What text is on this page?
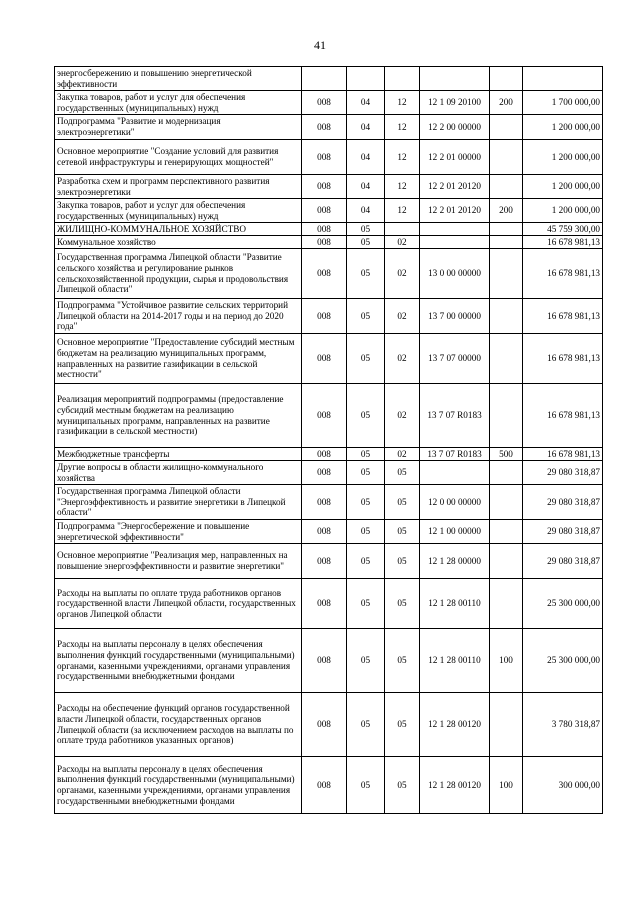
41
энергосбережению и повышению энергетической эффективности						
Закупка товаров, работ и услуг для обеспечения государственных (муниципальных) нужд	008	04	12	12 1 09 20100	200	1 700 000,00
Подпрограмма "Развитие и модернизация электроэнергетики"	008	04	12	12 2 00 00000		1 200 000,00
Основное мероприятие "Создание условий для развития сетевой инфраструктуры и генерирующих мощностей"	008	04	12	12 2 01 00000		1 200 000,00
Разработка схем и программ перспективного развития электроэнергетики	008	04	12	12 2 01 20120		1 200 000,00
Закупка товаров, работ и услуг для обеспечения государственных (муниципальных) нужд	008	04	12	12 2 01 20120	200	1 200 000,00
ЖИЛИЩНО-КОММУНАЛЬНОЕ ХОЗЯЙСТВО	008	05				45 759 300,00
Коммунальное хозяйство	008	05	02			16 678 981,13
Государственная программа Липецкой области "Развитие сельского хозяйства и регулирование рынков сельскохозяйственной продукции, сырья и продовольствия Липецкой области"	008	05	02	13 0 00 00000		16 678 981,13
Подпрограмма "Устойчивое развитие сельских территорий Липецкой области на 2014-2017 годы и на период до 2020 года"	008	05	02	13 7 00 00000		16 678 981,13
Основное мероприятие "Предоставление субсидий местным бюджетам на реализацию муниципальных программ, направленных на развитие газификации в сельской местности"	008	05	02	13 7 07 00000		16 678 981,13
Реализация мероприятий подпрограммы (предоставление субсидий местным бюджетам на реализацию муниципальных программ, направленных на развитие газификации в сельской местности)	008	05	02	13 7 07 R0183		16 678 981,13
Межбюджетные трансферты	008	05	02	13 7 07 R0183	500	16 678 981,13
Другие вопросы в области жилищно-коммунального хозяйства	008	05	05			29 080 318,87
Государственная программа Липецкой области "Энергоэффективность и развитие энергетики в Липецкой области"	008	05	05	12 0 00 00000		29 080 318,87
Подпрограмма "Энергосбережение и повышение энергетической эффективности"	008	05	05	12 1 00 00000		29 080 318,87
Основное мероприятие "Реализация мер, направленных на повышение энергоэффективности и развитие энергетики"	008	05	05	12 1 28 00000		29 080 318,87
Расходы на выплаты по оплате труда работников органов государственной власти Липецкой области, государственных органов Липецкой области	008	05	05	12 1 28 00110		25 300 000,00
Расходы на выплаты персоналу в целях обеспечения выполнения функций государственными (муниципальными) органами, казенными учреждениями, органами управления государственными внебюджетными фондами	008	05	05	12 1 28 00110	100	25 300 000,00
Расходы на обеспечение функций органов государственной власти Липецкой области, государственных органов Липецкой области (за исключением расходов на выплаты по оплате труда работников указанных органов)	008	05	05	12 1 28 00120		3 780 318,87
Расходы на выплаты персоналу в целях обеспечения выполнения функций государственными (муниципальными) органами, казенными учреждениями, органами управления государственными внебюджетными фондами	008	05	05	12 1 28 00120	100	300 000,00
